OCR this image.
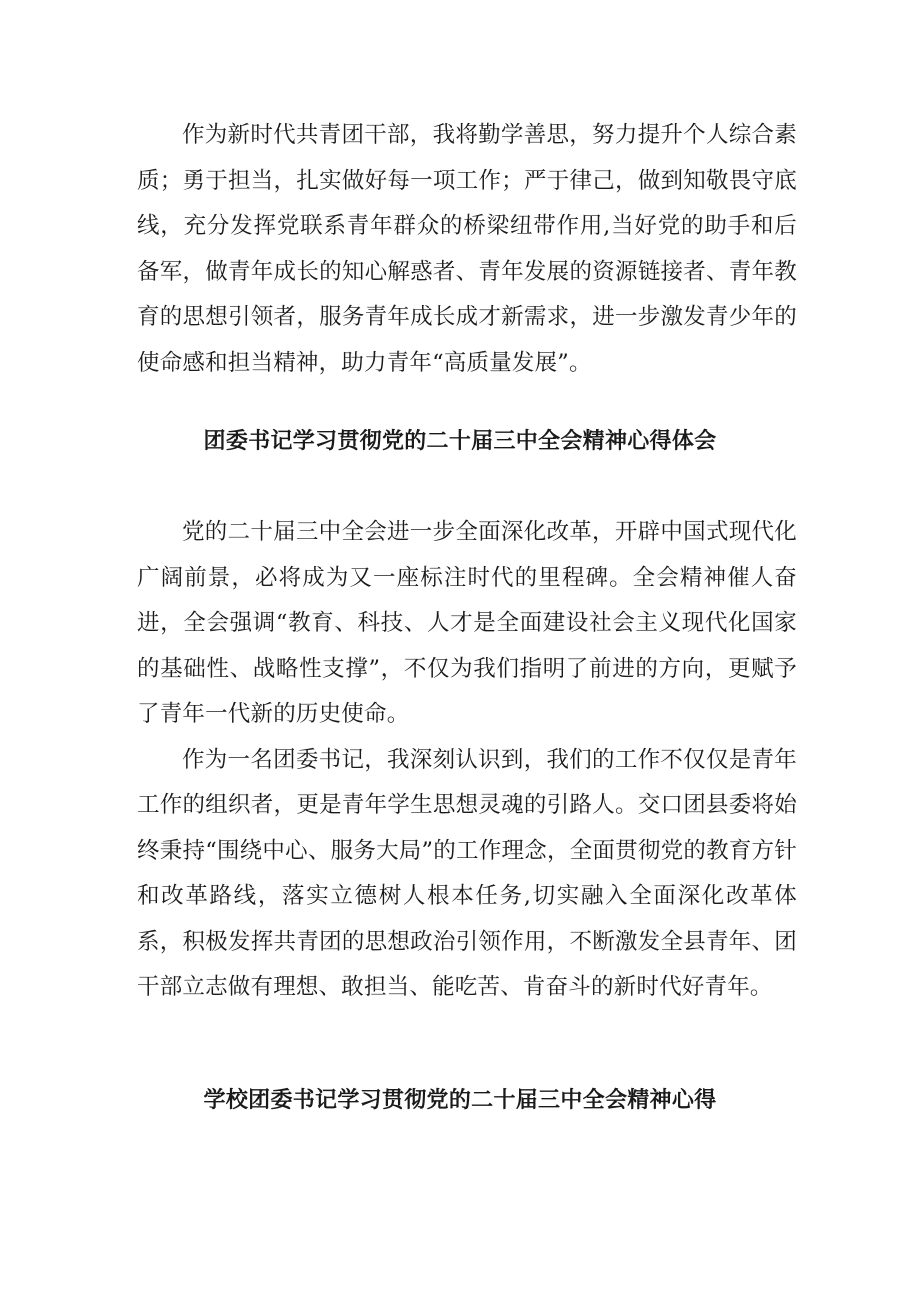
作为新时代共青团干部，我将勤学善思，努力提升个人综合素质；勇于担当，扎实做好每一项工作；严于律己，做到知敬畏守底线，充分发挥党联系青年群众的桥梁纽带作用,当好党的助手和后备军，做青年成长的知心解惑者、青年发展的资源链接者、青年教育的思想引领者，服务青年成长成才新需求，进一步激发青少年的使命感和担当精神，助力青年“高质量发展”。

团委书记学习贯彻党的二十届三中全会精神心得体会

党的二十届三中全会进一步全面深化改革，开辟中国式现代化广阔前景，必将成为又一座标注时代的里程碑。全会精神催人奋进，全会强调“教育、科技、人才是全面建设社会主义现代化国家的基础性、战略性支撑”，不仅为我们指明了前进的方向，更赋予了青年一代新的历史使命。

作为一名团委书记，我深刻认识到，我们的工作不仅仅是青年工作的组织者，更是青年学生思想灵魂的引路人。交口团县委将始终秉持“围绕中心、服务大局”的工作理念，全面贯彻党的教育方针和改革路线，落实立德树人根本任务,切实融入全面深化改革体系，积极发挥共青团的思想政治引领作用，不断激发全县青年、团干部立志做有理想、敢担当、能吃苦、肯奋斗的新时代好青年。

学校团委书记学习贯彻党的二十届三中全会精神心得
